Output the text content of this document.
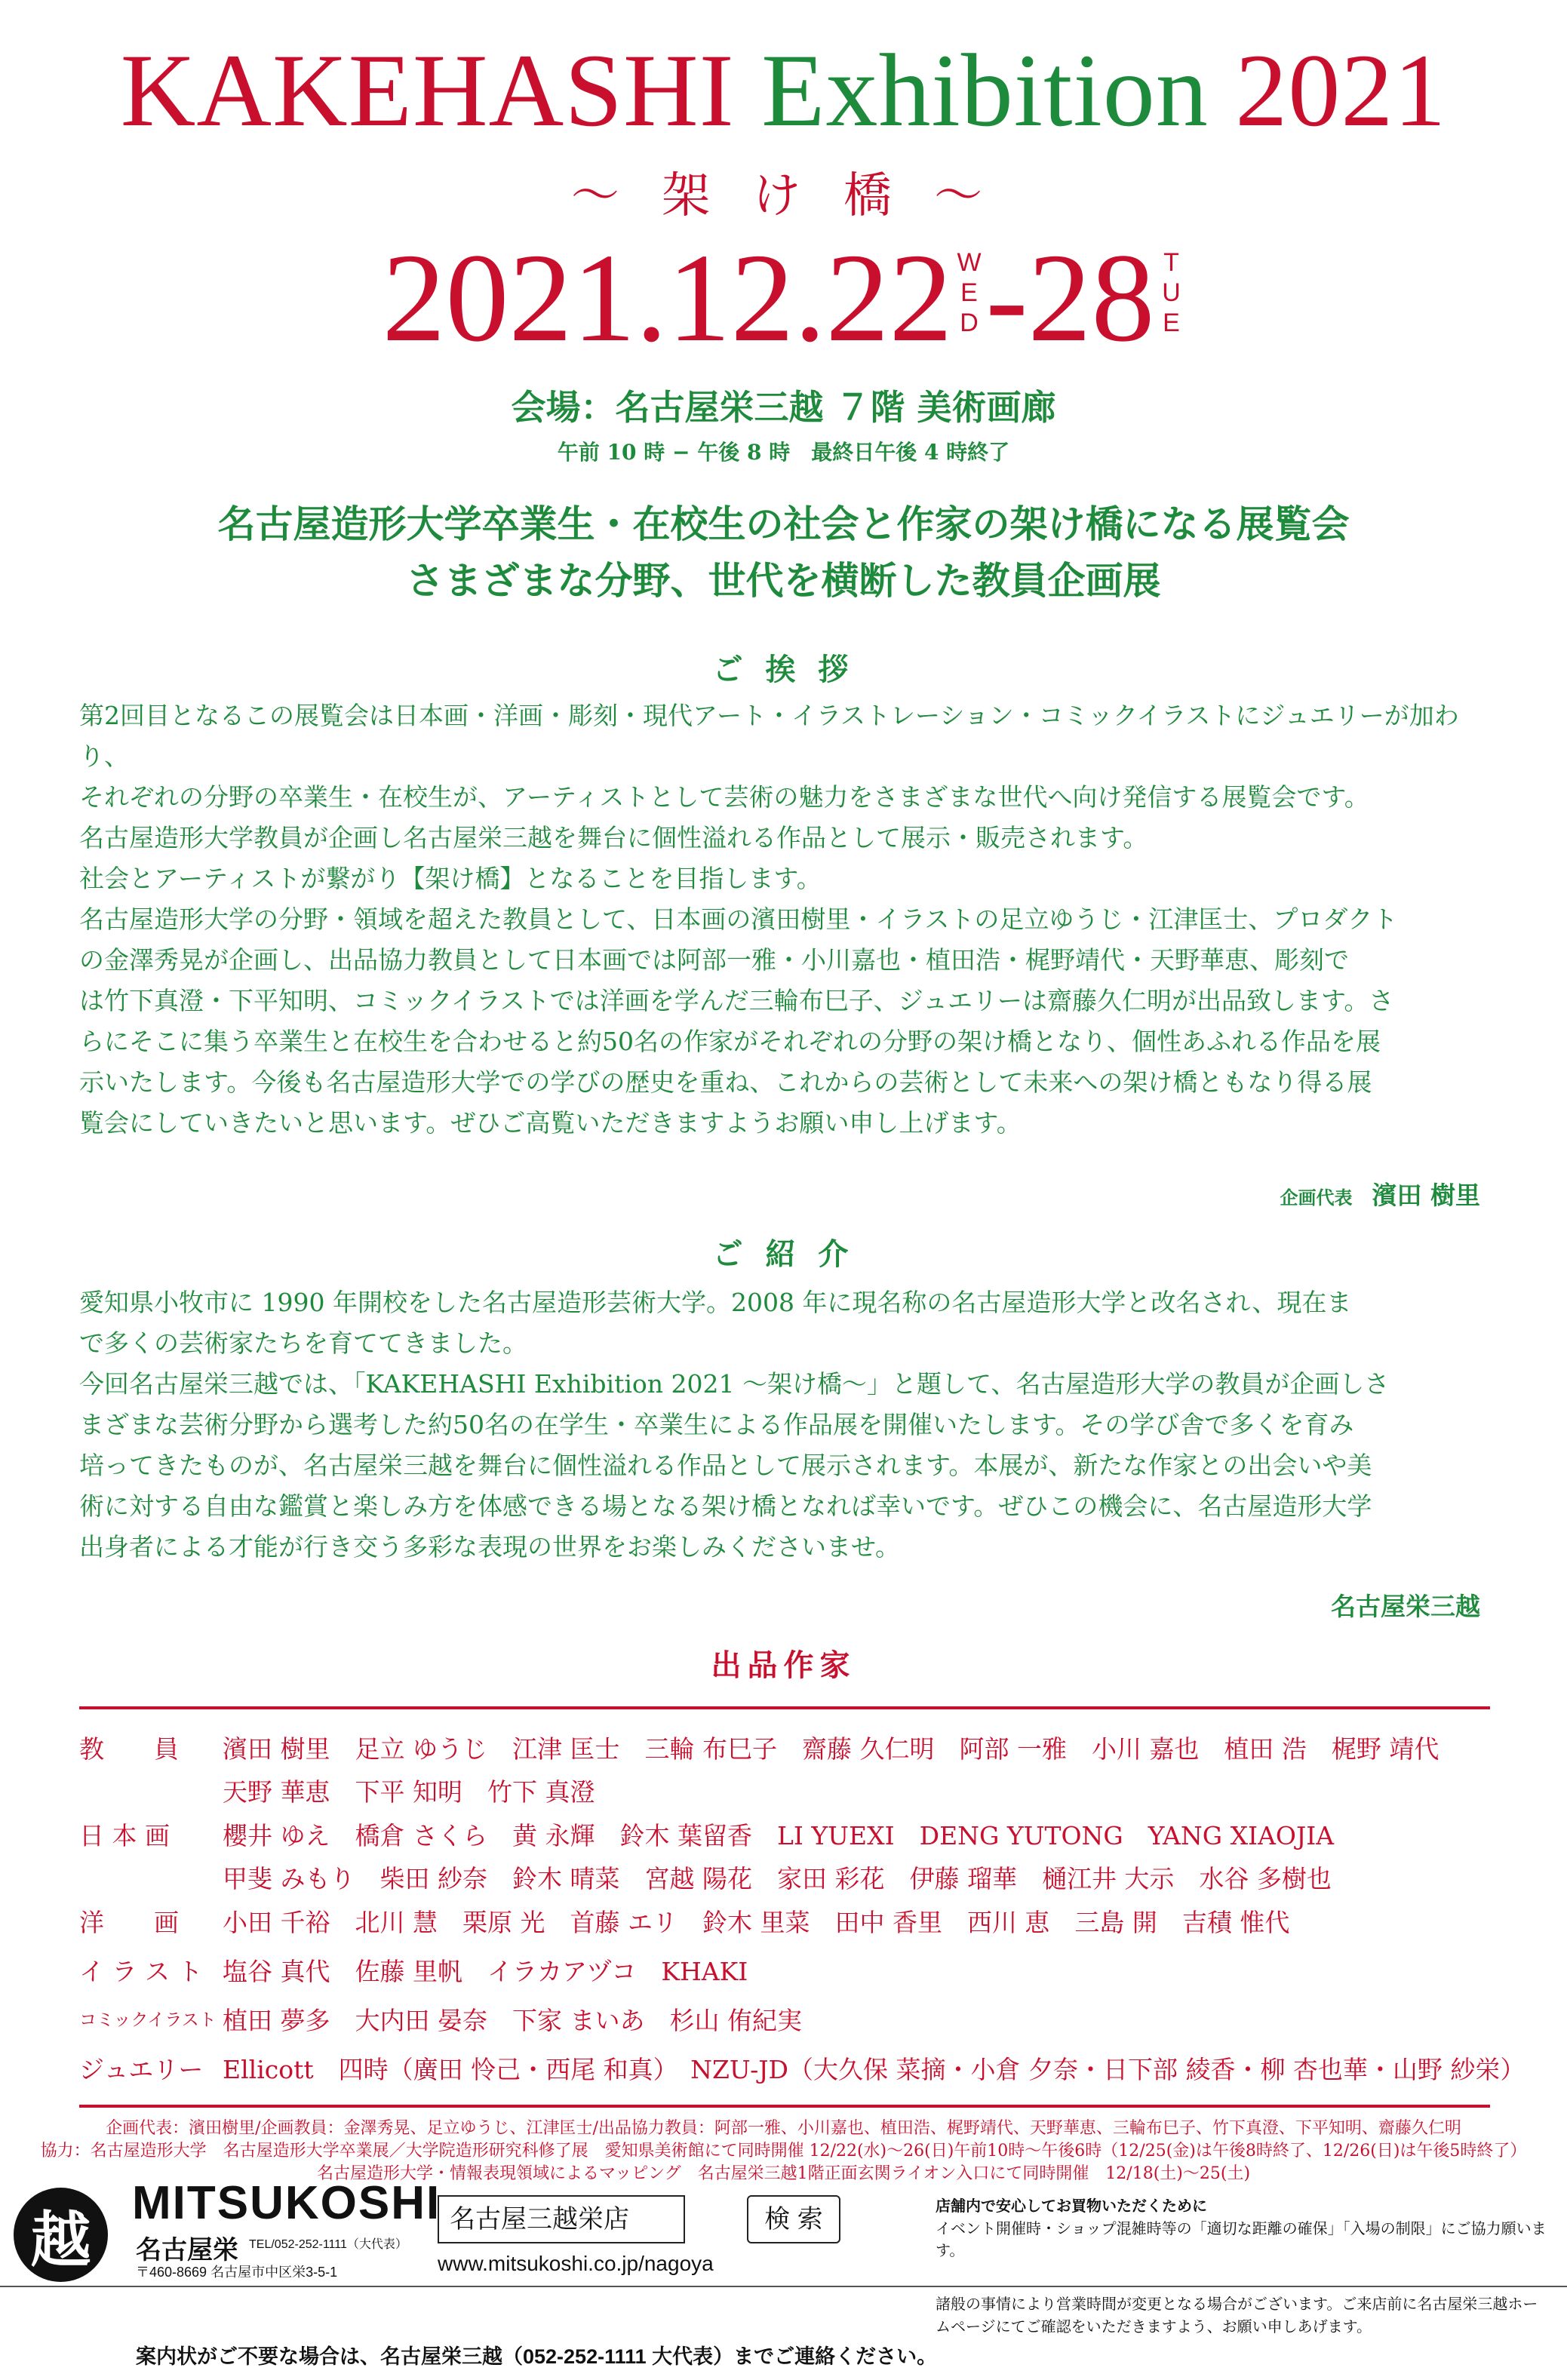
KAKEHASHI Exhibition 2021
〜 架 け 橋 〜
2021.12.22 W
E
D -28 T
U
E
会場：名古屋栄三越 ７階 美術画廊
午前 10 時 − 午後 8 時　最終日午後 4 時終了
名古屋造形大学卒業生・在校生の社会と作家の架け橋になる展覧会
さまざまな分野、世代を横断した教員企画展
ご 挨 拶

第2回目となるこの展覧会は日本画・洋画・彫刻・現代アート・イラストレーション・コミックイラストにジュエリーが加わり、

それぞれの分野の卒業生・在校生が、アーティストとして芸術の魅力をさまざまな世代へ向け発信する展覧会です。

名古屋造形大学教員が企画し名古屋栄三越を舞台に個性溢れる作品として展示・販売されます。

社会とアーティストが繋がり【架け橋】となることを目指します。

名古屋造形大学の分野・領域を超えた教員として、日本画の濱田樹里・イラストの足立ゆうじ・江津匡士、プロダクト

の金澤秀晃が企画し、出品協力教員として日本画では阿部一雅・小川嘉也・植田浩・梶野靖代・天野華恵、彫刻で

は竹下真澄・下平知明、コミックイラストでは洋画を学んだ三輪布巳子、ジュエリーは齋藤久仁明が出品致します。さ

らにそこに集う卒業生と在校生を合わせると約50名の作家がそれぞれの分野の架け橋となり、個性あふれる作品を展

示いたします。今後も名古屋造形大学での学びの歴史を重ね、これからの芸術として未来への架け橋ともなり得る展

覧会にしていきたいと思います。ぜひご高覧いただきますようお願い申し上げます。

企画代表 濱田 樹里
ご 紹 介

愛知県小牧市に 1990 年開校をした名古屋造形芸術大学。2008 年に現名称の名古屋造形大学と改名され、現在ま

で多くの芸術家たちを育ててきました。

今回名古屋栄三越では、「KAKEHASHI Exhibition 2021 〜架け橋〜」と題して、名古屋造形大学の教員が企画しさ

まざまな芸術分野から選考した約50名の在学生・卒業生による作品展を開催いたします。その学び舎で多くを育み

培ってきたものが、名古屋栄三越を舞台に個性溢れる作品として展示されます。本展が、新たな作家との出会いや美

術に対する自由な鑑賞と楽しみ方を体感できる場となる架け橋となれば幸いです。ぜひこの機会に、名古屋造形大学

出身者による才能が行き交う多彩な表現の世界をお楽しみくださいませ。

名古屋栄三越
出品作家
教　　員	濱田 樹里　足立 ゆうじ　江津 匡士　三輪 布巳子　齋藤 久仁明　阿部 一雅　小川 嘉也　植田 浩　梶野 靖代
天野 華恵　下平 知明　竹下 真澄
日 本 画	櫻井 ゆえ　橋倉 さくら　黄 永輝　鈴木 葉留香　LI YUEXI　DENG YUTONG　YANG XIAOJIA
甲斐 みもり　柴田 紗奈　鈴木 晴菜　宮越 陽花　家田 彩花　伊藤 瑠華　樋江井 大示　水谷 多樹也
洋　　画	小田 千裕　北川 慧　栗原 光　首藤 エリ　鈴木 里菜　田中 香里　西川 恵　三島 開　吉積 惟代
イ ラ ス ト 塩谷 真代　佐藤 里帆　イラカアヅコ　KHAKI
コミックイラスト 植田 夢多　大内田 晏奈　下家 まいあ　杉山 侑紀実
ジュエリー Ellicott　四時（廣田 怜己・西尾 和真）　NZU-JD（大久保 菜摘・小倉 夕奈・日下部 綾香・柳 杏也華・山野 紗栄）
企画代表：濱田樹里/企画教員：金澤秀晃、足立ゆうじ、江津匡士/出品協力教員：阿部一雅、小川嘉也、植田浩、梶野靖代、天野華恵、三輪布巳子、竹下真澄、下平知明、齋藤久仁明
協力：名古屋造形大学　名古屋造形大学卒業展／大学院造形研究科修了展　愛知県美術館にて同時開催 12/22(水)〜26(日)午前10時〜午後6時（12/25(金)は午後8時終了、12/26(日)は午後5時終了）
名古屋造形大学・情報表現領域によるマッピング　名古屋栄三越1階正面玄関ライオン入口にて同時開催　12/18(土)〜25(土)
越
MITSUKOSHI
名古屋栄 TEL/052-252-1111（大代表）
〒460-8669 名古屋市中区栄3-5-1
名古屋三越栄店	検 索
www.mitsukoshi.co.jp/nagoya
店舗内で安心してお買物いただくために
イベント開催時・ショップ混雑時等の「適切な距離の確保」「入場の制限」にご協力願います。
諸般の事情により営業時間が変更となる場合がございます。ご来店前に名古屋栄三越ホームページにてご確認をいただきますよう、お願い申しあげます。
案内状がご不要な場合は、名古屋栄三越（052-252-1111 大代表）までご連絡ください。
